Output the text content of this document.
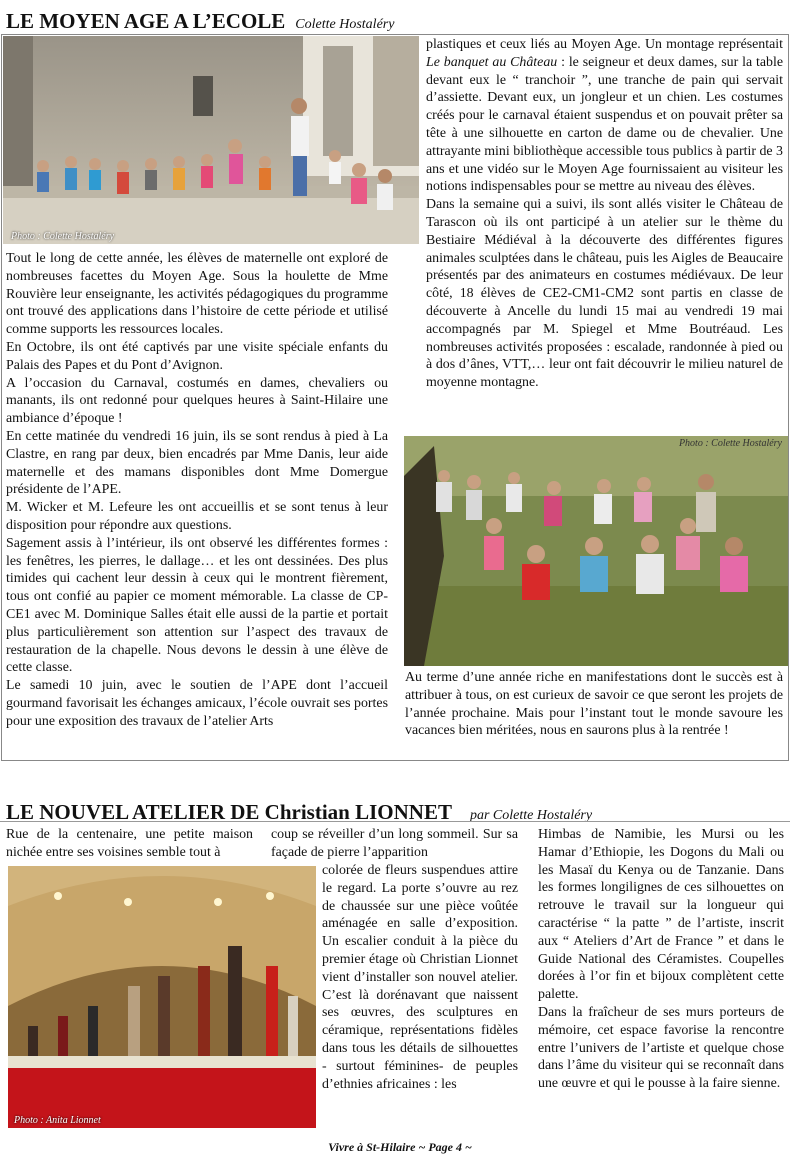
LE MOYEN AGE A L’ECOLE Colette Hostaléry
Photo : Colette Hostaléry

Tout le long de cette année, les élèves de maternelle ont exploré de nombreuses facettes du Moyen Age. Sous la houlette de Mme Rouvière leur enseignante, les activités pédagogiques du programme ont trouvé des applications dans l’histoire de cette période et utilisé comme supports les ressources locales.

En Octobre, ils ont été captivés par une visite spéciale enfants du Palais des Papes et du Pont d’Avignon.

A l’occasion du Carnaval, costumés en dames, chevaliers ou manants, ils ont redonné pour quelques heures à Saint-Hilaire une ambiance d’époque !

En cette matinée du vendredi 16 juin, ils se sont rendus à pied à La Clastre, en rang par deux, bien encadrés par Mme Danis, leur aide maternelle et des mamans disponibles dont Mme Domergue présidente de l’APE.

M. Wicker et M. Lefeure les ont accueillis et se sont tenus à leur disposition pour répondre aux questions.

Sagement assis à l’intérieur, ils ont observé les différentes formes : les fenêtres, les pierres, le dallage… et les ont dessinées. Des plus timides qui cachent leur dessin à ceux qui le montrent fièrement, tous ont confié au papier ce moment mémorable. La classe de CP-CE1 avec M. Dominique Salles était elle aussi de la partie et portait plus particulièrement son attention sur l’aspect des travaux de restauration de la chapelle. Nous devons le dessin à une élève de cette classe.

Le samedi 10 juin, avec le soutien de l’APE dont l’accueil gourmand favorisait les échanges amicaux, l’école ouvrait ses portes pour une exposition des travaux de l’atelier Arts

plastiques et ceux liés au Moyen Age. Un montage représentait Le banquet au Château : le seigneur et deux dames, sur la table devant eux le “ tranchoir ”, une tranche de pain qui servait d’assiette. Devant eux, un jongleur et un chien. Les costumes créés pour le carnaval étaient suspendus et on pouvait prêter sa tête à une silhouette en carton de dame ou de chevalier. Une attrayante mini bibliothèque accessible tous publics à partir de 3 ans et une vidéo sur le Moyen Age fournissaient au visiteur les notions indispensables pour se mettre au niveau des élèves.

Dans la semaine qui a suivi, ils sont allés visiter le Château de Tarascon où ils ont participé à un atelier sur le thème du Bestiaire Médiéval à la découverte des différentes figures animales sculptées dans le château, puis les Aigles de Beaucaire présentés par des animateurs en costumes médiévaux. De leur côté, 18 élèves de CE2-CM1-CM2 sont partis en classe de découverte à Ancelle du lundi 15 mai au vendredi 19 mai accompagnés par M. Spiegel et Mme Boutréaud. Les nombreuses activités proposées : escalade, randonnée à pied ou à dos d’ânes, VTT,… leur ont fait découvrir le milieu naturel de moyenne montagne.

Photo : Colette Hostaléry

Au terme d’une année riche en manifestations dont le succès est à attribuer à tous, on est curieux de savoir ce que seront les projets de l’année prochaine. Mais pour l’instant tout le monde savoure les vacances bien méritées, nous en saurons plus à la rentrée !

LE NOUVEL ATELIER DE Christian LIONNET par Colette Hostaléry

Rue de la centenaire, une petite maison nichée entre ses voisines semble tout à

Photo : Anita Lionnet

coup se réveiller d’un long sommeil. Sur sa façade de pierre l’apparition

colorée de fleurs suspendues attire le regard. La porte s’ouvre au rez de chaussée sur une pièce voûtée aménagée en salle d’exposition. Un escalier conduit à la pièce du premier étage où Christian Lionnet vient d’installer son nouvel atelier. C’est là dorénavant que naissent ses œuvres, des sculptures en céramique, représentations fidèles dans tous les détails de silhouettes - surtout féminines- de peuples d’ethnies africaines : les

Himbas de Namibie, les Mursi ou les Hamar d’Ethiopie, les Dogons du Mali ou les Masaï du Kenya ou de Tanzanie. Dans les formes longilignes de ces silhouettes on retrouve le travail sur la longueur qui caractérise “ la patte ” de l’artiste, inscrit aux “ Ateliers d’Art de France ” et dans le Guide National des Céramistes. Coupelles dorées à l’or fin et bijoux complètent cette palette.

Dans la fraîcheur de ses murs porteurs de mémoire, cet espace favorise la rencontre entre l’univers de l’artiste et quelque chose dans l’âme du visiteur qui se reconnaît dans une œuvre et qui le pousse à la faire sienne.

Vivre à St-Hilaire ~ Page 4 ~
